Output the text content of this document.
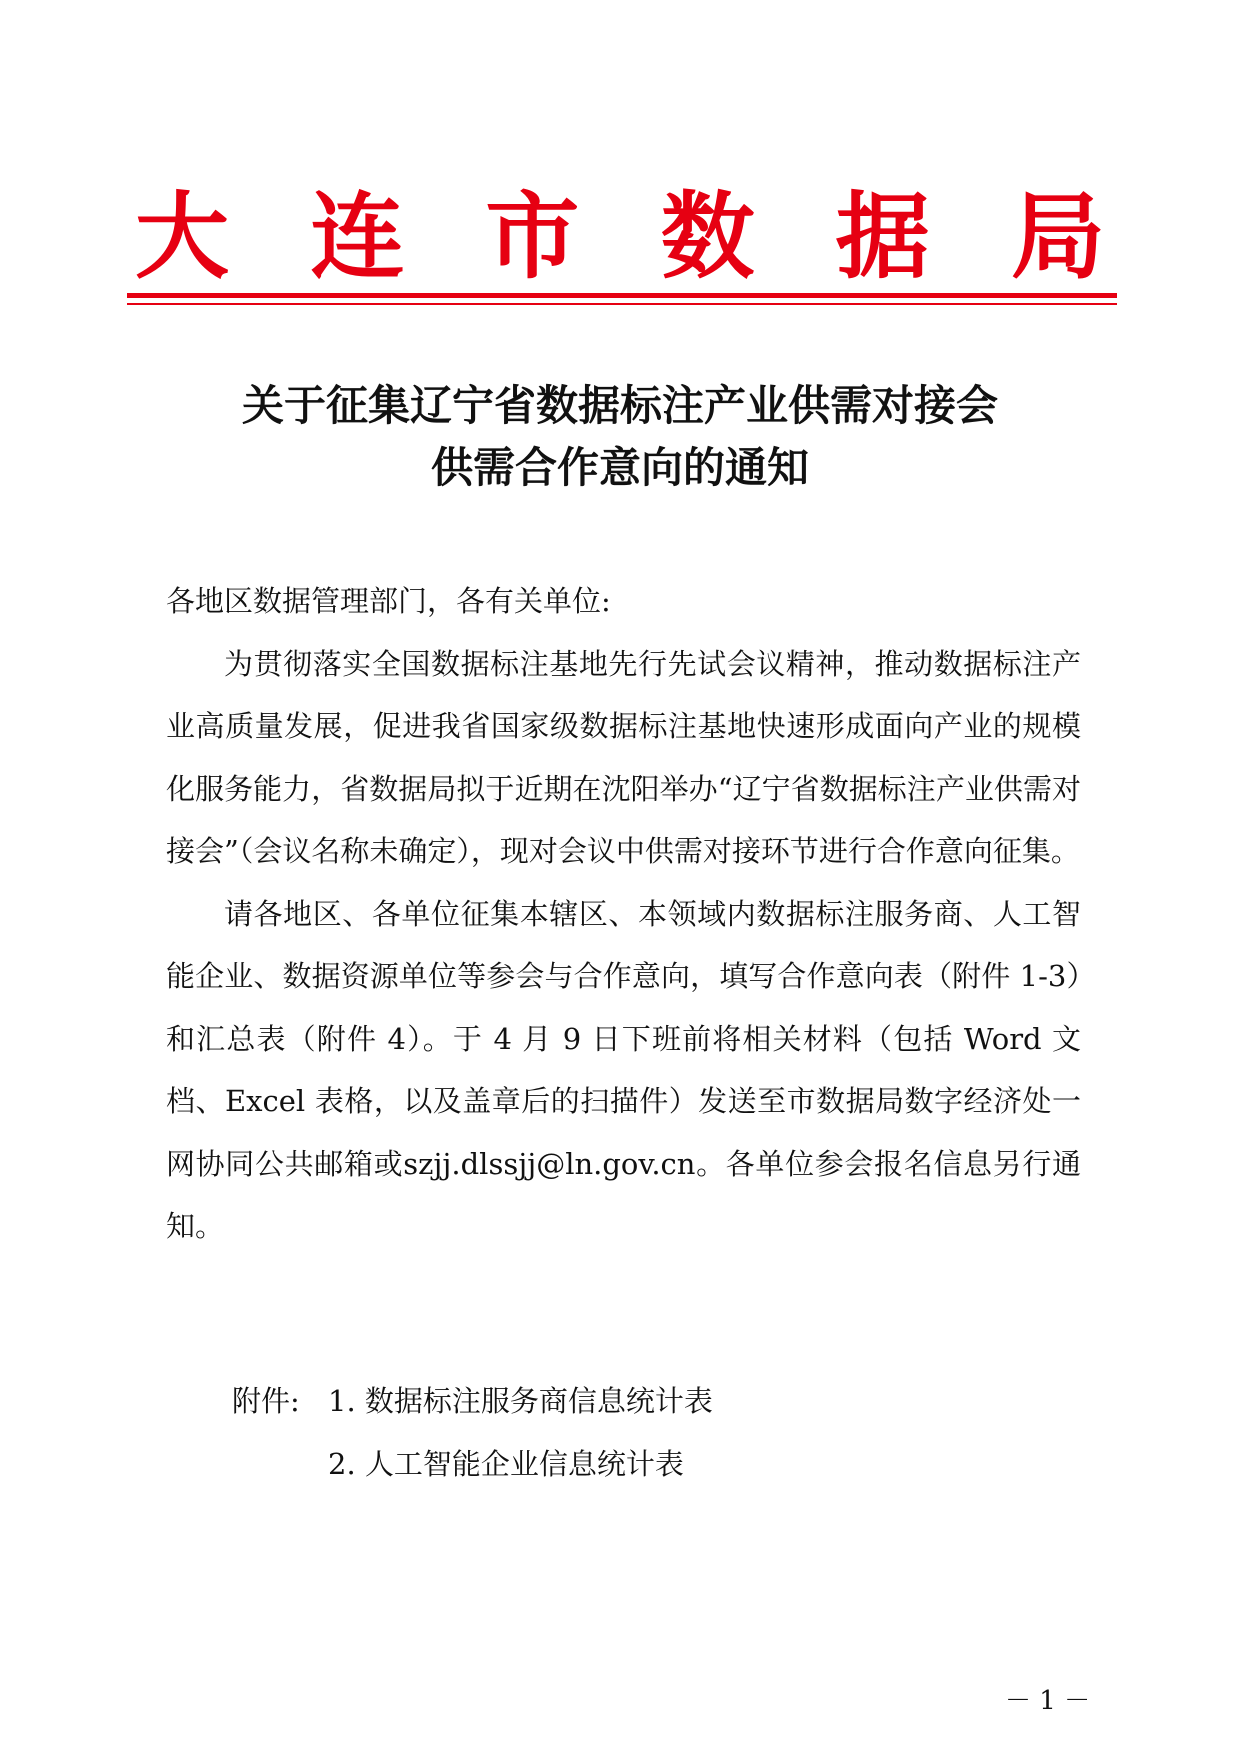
大 连 市 数 据 局
关于征集辽宁省数据标注产业供需对接会
供需合作意向的通知

各地区数据管理部门，各有关单位:

为贯彻落实全国数据标注基地先行先试会议精神，推动数据标注产业高质量发展，促进我省国家级数据标注基地快速形成面向产业的规模化服务能力，省数据局拟于近期在沈阳举办“辽宁省数据标注产业供需对接会”（会议名称未确定），现对会议中供需对接环节进行合作意向征集。

请各地区、各单位征集本辖区、本领域内数据标注服务商、人工智能企业、数据资源单位等参会与合作意向，填写合作意向表（附件 1-3）和汇总表（附件 4）。于 4 月 9 日下班前将相关材料（包括 Word 文档、Excel 表格，以及盖章后的扫描件）发送至市数据局数字经济处一网协同公共邮箱或szjj.dlssjj@ln.gov.cn。各单位参会报名信息另行通知。

附件: 1. 数据标注服务商信息统计表
2. 人工智能企业信息统计表
－ 1 －
